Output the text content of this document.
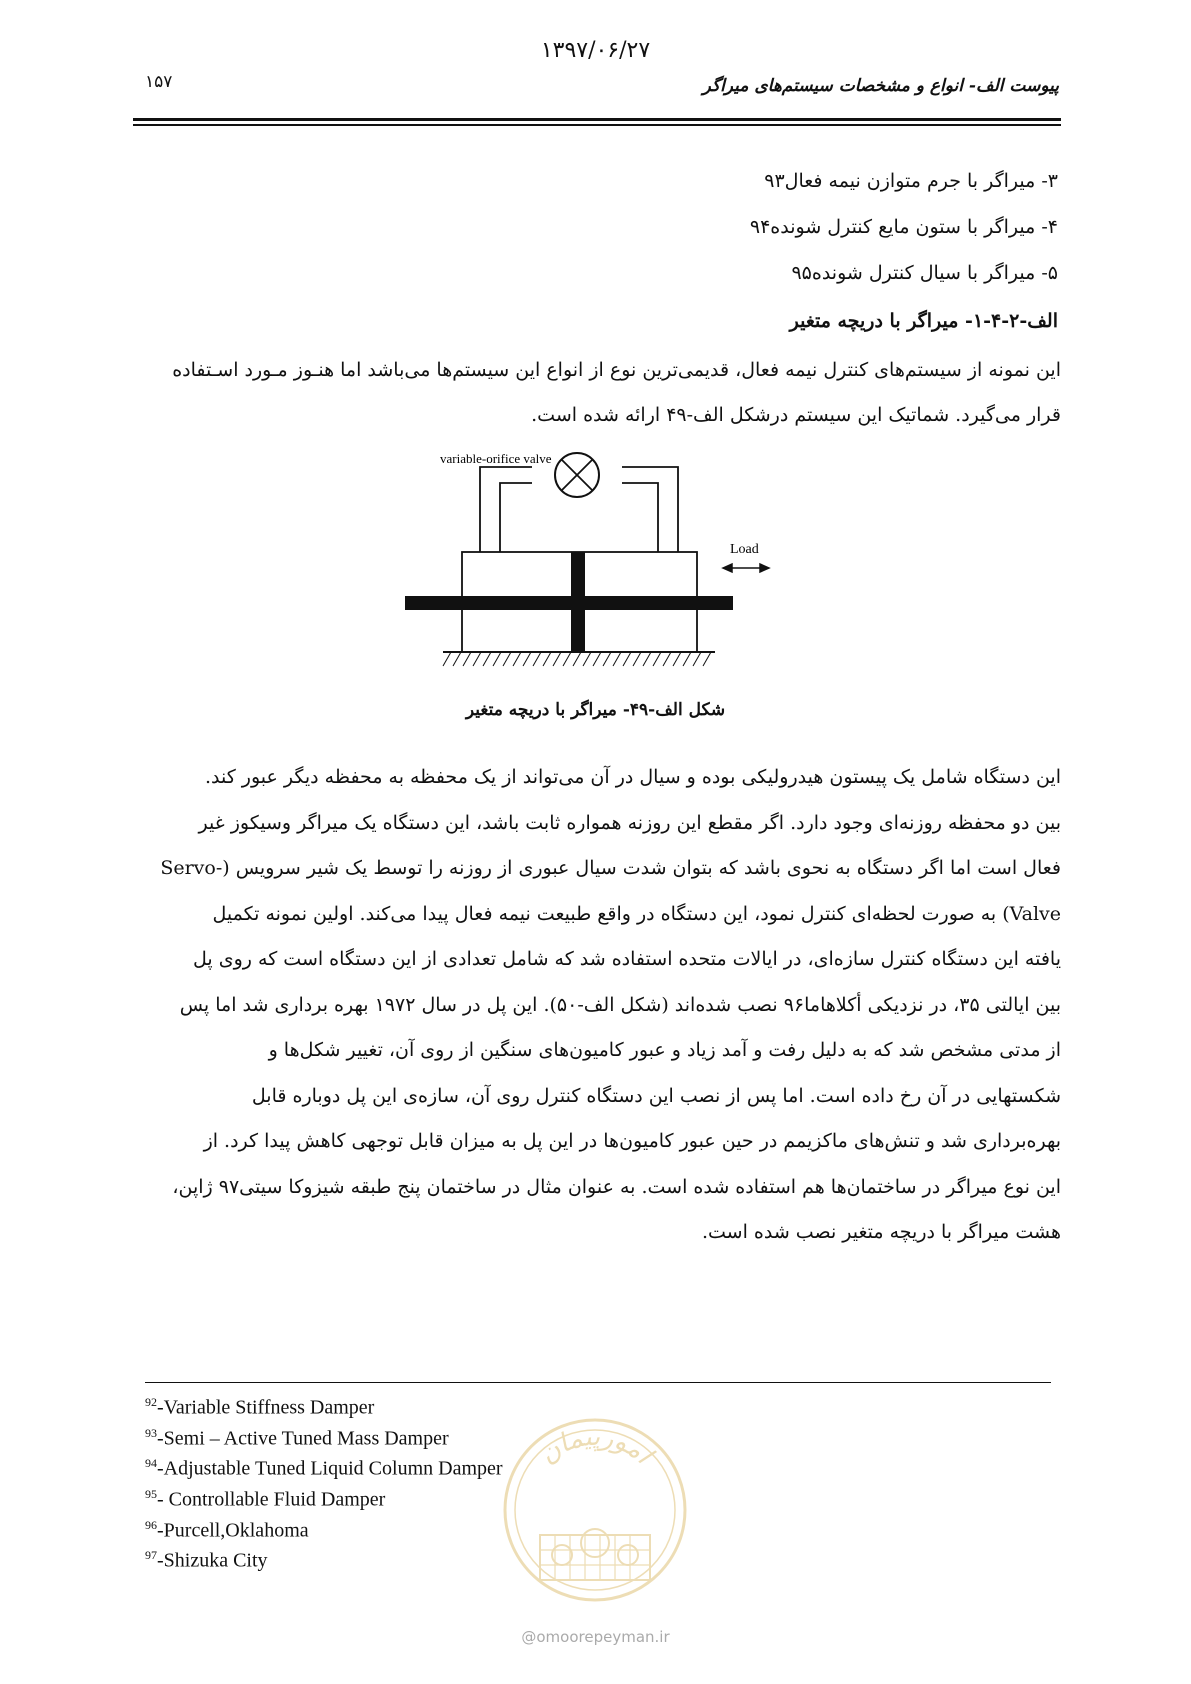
۱۳۹۷/۰۶/۲۷
۱۵۷	پیوست الف- انواع و مشخصات سیستم‌های میراگر
۳- میراگر با جرم متوازن نیمه فعال۹۳
۴- میراگر با ستون مایع کنترل شونده۹۴
۵- میراگر با سیال کنترل شونده۹۵
الف-۲-۴-۱- میراگر با دریچه متغیر

این نمونه از سیستم‌های کنترل نیمه فعال، قدیمی‌ترین نوع از انواع این سیستم‌ها می‌باشد اما هنـوز مـورد اسـتفاده

قرار می‌گیرد. شماتیک این سیستم درشکل الف-۴۹ ارائه شده است.

variable-orifice valve
Load
شکل الف-۴۹- میراگر با دریچه متغیر

این دستگاه شامل یک پیستون هیدرولیکی بوده و سیال در آن می‌تواند از یک محفظه به محفظه دیگر عبور کند.

بین دو محفظه روزنه‌ای وجود دارد. اگر مقطع این روزنه همواره ثابت باشد، این دستگاه یک میراگر وسیکوز غیر

فعال است اما اگر دستگاه به نحوی باشد که بتوان شدت سیال عبوری از روزنه را توسط یک شیر سرویس (-Servo

Valve) به صورت لحظه‌ای کنترل نمود، این دستگاه در واقع طبیعت نیمه فعال پیدا می‌کند. اولین نمونه تکمیل

یافته این دستگاه کنترل سازه‌ای، در ایالات متحده استفاده شد که شامل تعدادی از این دستگاه است که روی پل

بین ایالتی ۳۵، در نزدیکی أکلاهاما۹۶ نصب شده‌اند (شکل الف-۵۰). این پل در سال ۱۹۷۲ بهره برداری شد اما پس

از مدتی مشخص شد که به دلیل رفت و آمد زیاد و عبور کامیون‌های سنگین از روی آن، تغییر شکل‌ها و

شکستهایی در آن رخ داده است. اما پس از نصب این دستگاه کنترل روی آن، سازه‌ی این پل دوباره قابل

بهره‌برداری شد و تنش‌های ماکزیمم در حین عبور کامیون‌ها در این پل به میزان قابل توجهی کاهش پیدا کرد. از

این نوع میراگر در ساختمان‌ها هم استفاده شده است. به عنوان مثال در ساختمان پنج طبقه شیزوکا سیتی۹۷ ژاپن،

هشت میراگر با دریچه متغیر نصب شده است.

$^{92}$-Variable Stiffness Damper
$^{93}$-Semi – Active Tuned Mass Damper
$^{94}$-Adjustable Tuned Liquid Column Damper
$^{95}$- Controllable Fluid Damper
$^{96}$-Purcell,Oklahoma
$^{97}$-Shizuka City
امورپیمان
@omoorepeyman.ir
